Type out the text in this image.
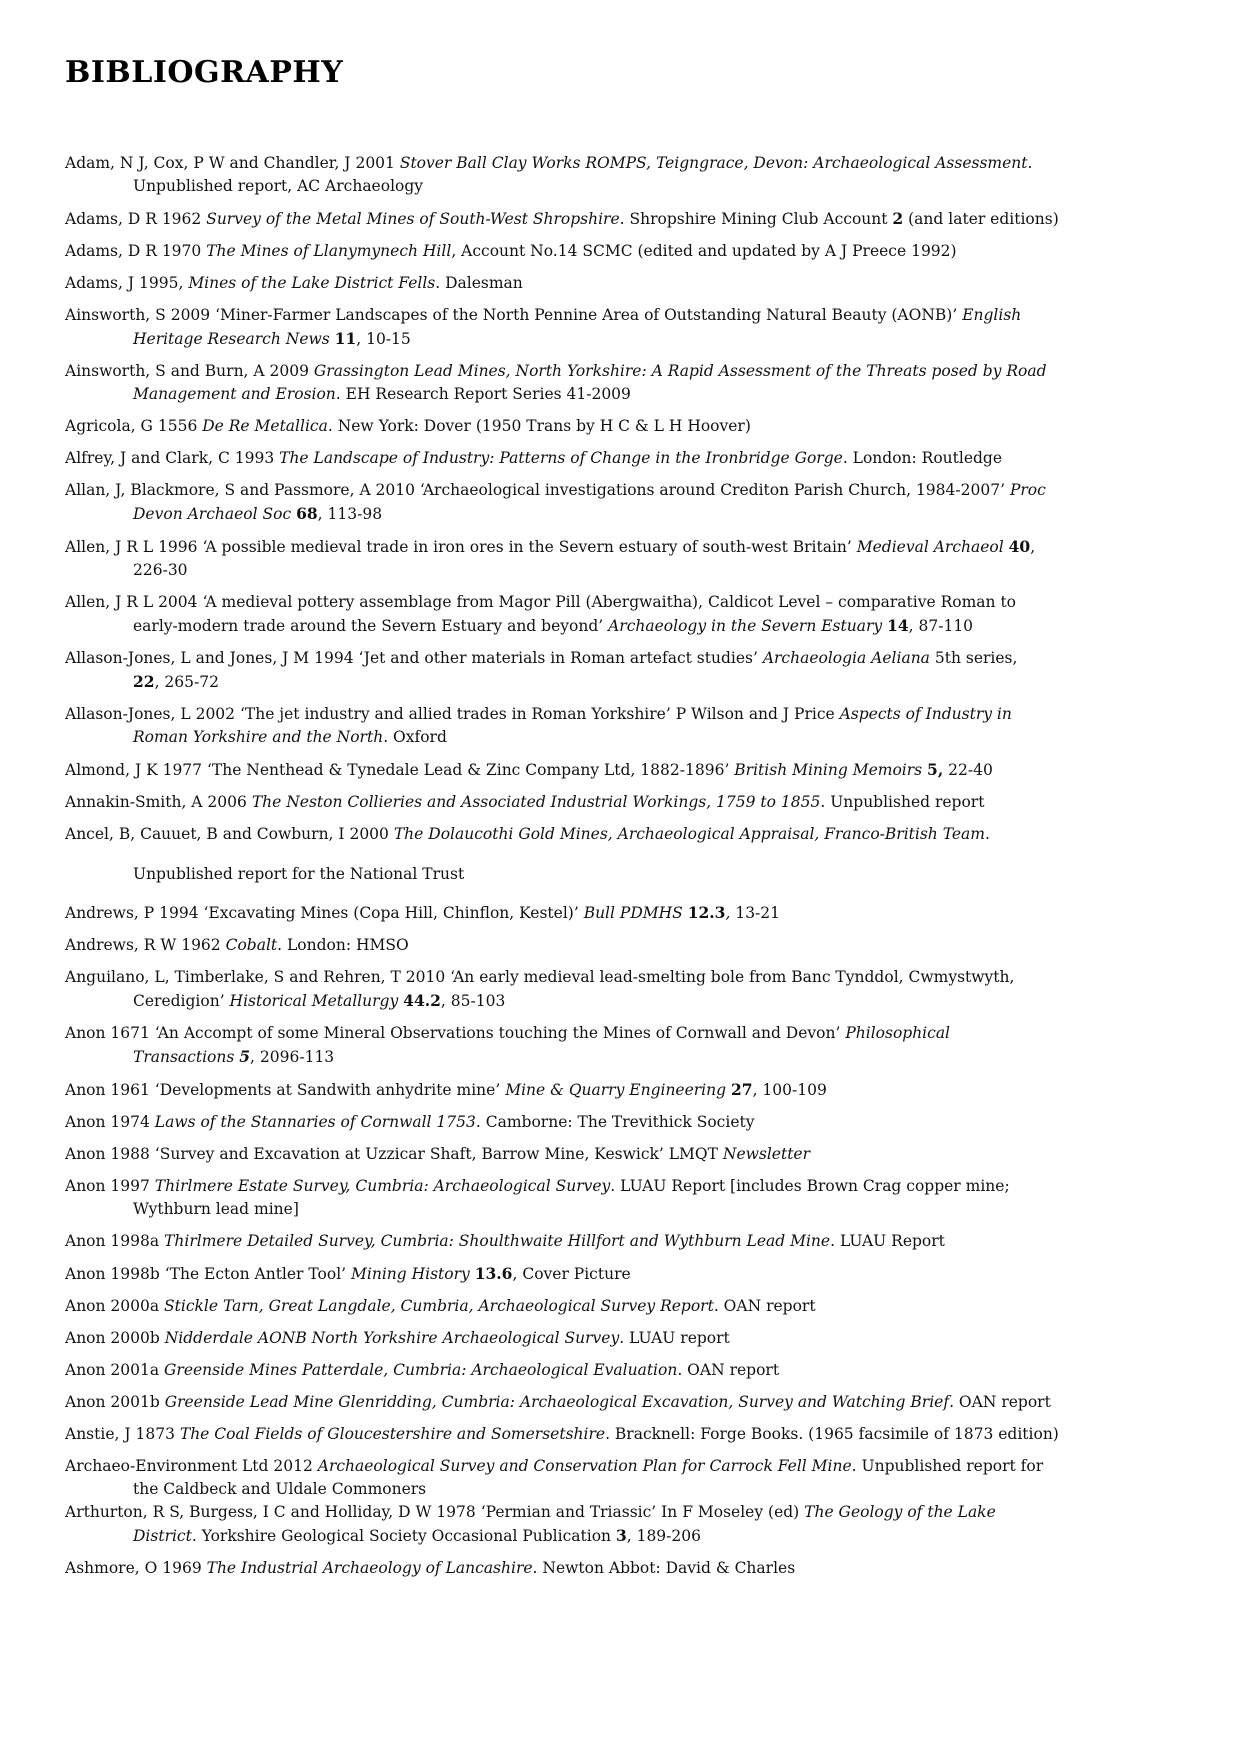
BIBLIOGRAPHY

Adam, N J, Cox, P W and Chandler, J 2001 Stover Ball Clay Works ROMPS, Teigngrace, Devon: Archaeological Assessment.
Unpublished report, AC Archaeology

Adams, D R 1962 Survey of the Metal Mines of South-West Shropshire. Shropshire Mining Club Account 2 (and later editions)

Adams, D R 1970 The Mines of Llanymynech Hill, Account No.14 SCMC (edited and updated by A J Preece 1992)

Adams, J 1995, Mines of the Lake District Fells. Dalesman

Ainsworth, S 2009 ‘Miner-Farmer Landscapes of the North Pennine Area of Outstanding Natural Beauty (AONB)’ English
Heritage Research News 11, 10-15

Ainsworth, S and Burn, A 2009 Grassington Lead Mines, North Yorkshire: A Rapid Assessment of the Threats posed by Road
Management and Erosion. EH Research Report Series 41-2009

Agricola, G 1556 De Re Metallica. New York: Dover (1950 Trans by H C & L H Hoover)

Alfrey, J and Clark, C 1993 The Landscape of Industry: Patterns of Change in the Ironbridge Gorge. London: Routledge

Allan, J, Blackmore, S and Passmore, A 2010 ‘Archaeological investigations around Crediton Parish Church, 1984-2007’ Proc
Devon Archaeol Soc 68, 113-98

Allen, J R L 1996 ‘A possible medieval trade in iron ores in the Severn estuary of south-west Britain’ Medieval Archaeol 40,
226-30

Allen, J R L 2004 ‘A medieval pottery assemblage from Magor Pill (Abergwaitha), Caldicot Level – comparative Roman to
early-modern trade around the Severn Estuary and beyond’ Archaeology in the Severn Estuary 14, 87-110

Allason-Jones, L and Jones, J M 1994 ‘Jet and other materials in Roman artefact studies’ Archaeologia Aeliana 5th series,
22, 265-72

Allason-Jones, L 2002 ‘The jet industry and allied trades in Roman Yorkshire’ P Wilson and J Price Aspects of Industry in
Roman Yorkshire and the North. Oxford

Almond, J K 1977 ‘The Nenthead & Tynedale Lead & Zinc Company Ltd, 1882-1896’ British Mining Memoirs 5, 22-40

Annakin-Smith, A 2006 The Neston Collieries and Associated Industrial Workings, 1759 to 1855. Unpublished report

Ancel, B, Cauuet, B and Cowburn, I 2000 The Dolaucothi Gold Mines, Archaeological Appraisal, Franco-British Team.

Unpublished report for the National Trust

Andrews, P 1994 ‘Excavating Mines (Copa Hill, Chinflon, Kestel)’ Bull PDMHS 12.3, 13-21

Andrews, R W 1962 Cobalt. London: HMSO

Anguilano, L, Timberlake, S and Rehren, T 2010 ‘An early medieval lead-smelting bole from Banc Tynddol, Cwmystwyth,
Ceredigion’ Historical Metallurgy 44.2, 85-103

Anon 1671 ‘An Accompt of some Mineral Observations touching the Mines of Cornwall and Devon’ Philosophical
Transactions 5, 2096-113

Anon 1961 ‘Developments at Sandwith anhydrite mine’ Mine & Quarry Engineering 27, 100-109

Anon 1974 Laws of the Stannaries of Cornwall 1753. Camborne: The Trevithick Society

Anon 1988 ‘Survey and Excavation at Uzzicar Shaft, Barrow Mine, Keswick’ LMQT Newsletter

Anon 1997 Thirlmere Estate Survey, Cumbria: Archaeological Survey. LUAU Report [includes Brown Crag copper mine;
Wythburn lead mine]

Anon 1998a Thirlmere Detailed Survey, Cumbria: Shoulthwaite Hillfort and Wythburn Lead Mine. LUAU Report

Anon 1998b ‘The Ecton Antler Tool’ Mining History 13.6, Cover Picture

Anon 2000a Stickle Tarn, Great Langdale, Cumbria, Archaeological Survey Report. OAN report

Anon 2000b Nidderdale AONB North Yorkshire Archaeological Survey. LUAU report

Anon 2001a Greenside Mines Patterdale, Cumbria: Archaeological Evaluation. OAN report

Anon 2001b Greenside Lead Mine Glenridding, Cumbria: Archaeological Excavation, Survey and Watching Brief. OAN report

Anstie, J 1873 The Coal Fields of Gloucestershire and Somersetshire. Bracknell: Forge Books. (1965 facsimile of 1873 edition)

Archaeo-Environment Ltd 2012 Archaeological Survey and Conservation Plan for Carrock Fell Mine. Unpublished report for
the Caldbeck and Uldale Commoners

Arthurton, R S, Burgess, I C and Holliday, D W 1978 ‘Permian and Triassic’ In F Moseley (ed) The Geology of the Lake
District. Yorkshire Geological Society Occasional Publication 3, 189-206

Ashmore, O 1969 The Industrial Archaeology of Lancashire. Newton Abbot: David & Charles
